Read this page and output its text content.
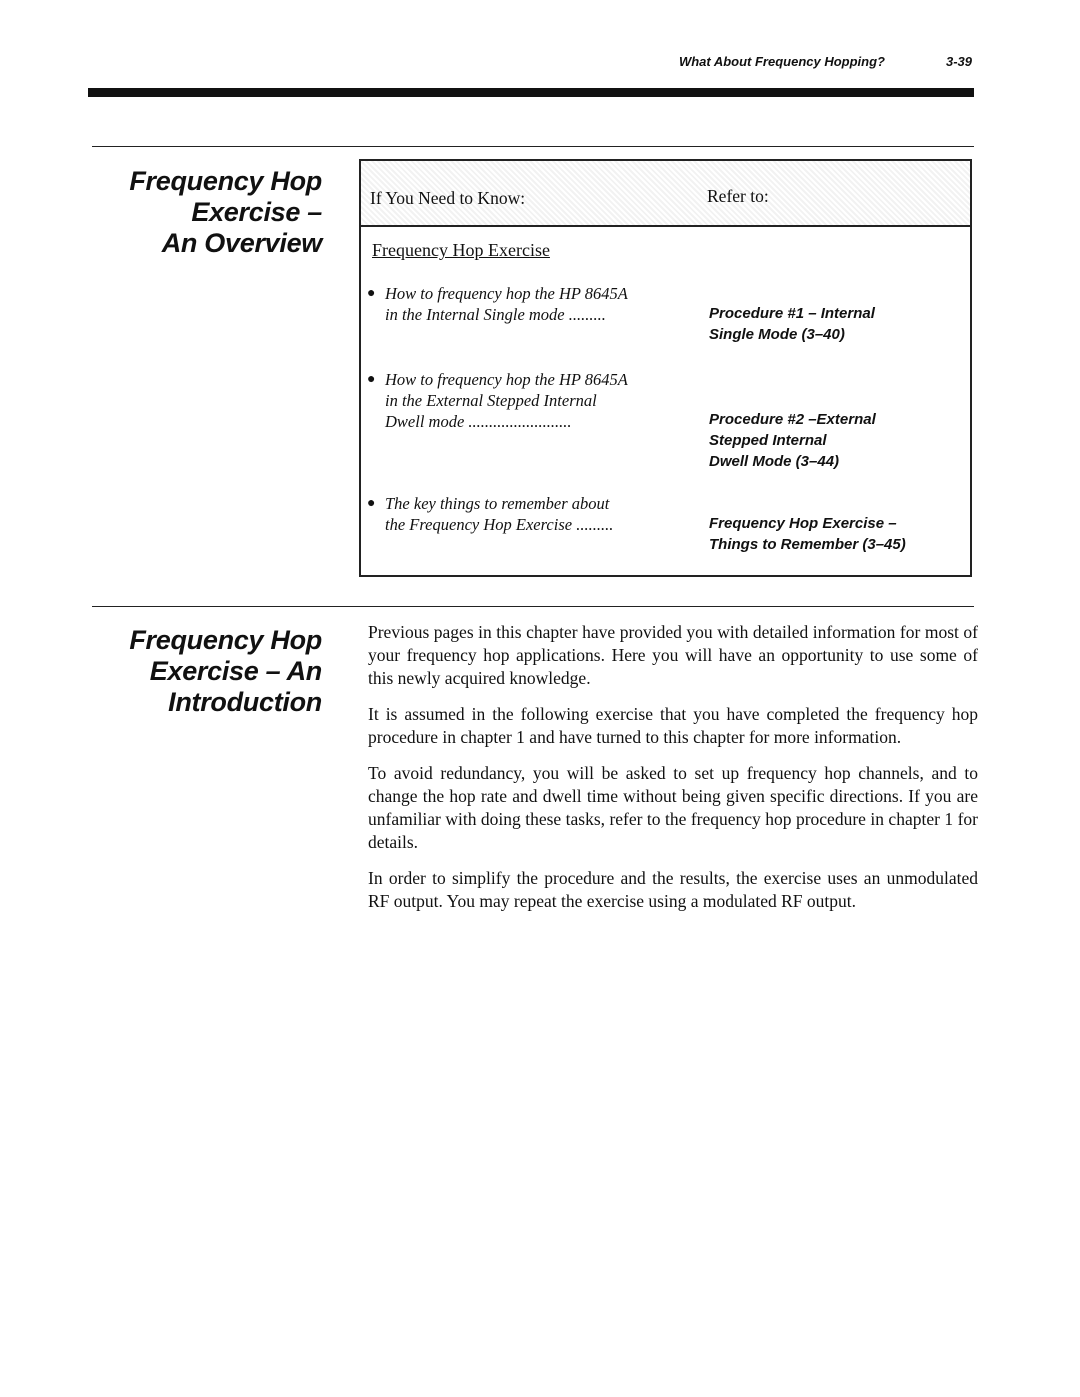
What About Frequency Hopping?	3-39
Frequency Hop
Exercise –
An Overview
If You Need to Know:	Refer to:
Frequency Hop Exercise
● How to frequency hop the HP 8645A
in the Internal Single mode .........	Procedure #1 – Internal
Single Mode (3–40)
● How to frequency hop the HP 8645A
in the External Stepped Internal
Dwell mode .........................	Procedure #2 –External
Stepped Internal
Dwell Mode (3–44)
● The key things to remember about
the Frequency Hop Exercise .........	Frequency Hop Exercise –
Things to Remember (3–45)
Frequency Hop
Exercise – An
Introduction

Previous pages in this chapter have provided you with detailed information for most of your frequency hop applications. Here you will have an opportunity to use some of this newly acquired knowledge.

It is assumed in the following exercise that you have completed the frequency hop procedure in chapter 1 and have turned to this chapter for more information.

To avoid redundancy, you will be asked to set up frequency hop channels, and to change the hop rate and dwell time without being given specific directions. If you are unfamiliar with doing these tasks, refer to the frequency hop procedure in chapter 1 for details.

In order to simplify the procedure and the results, the exercise uses an unmodulated RF output. You may repeat the exercise using a modulated RF output.
